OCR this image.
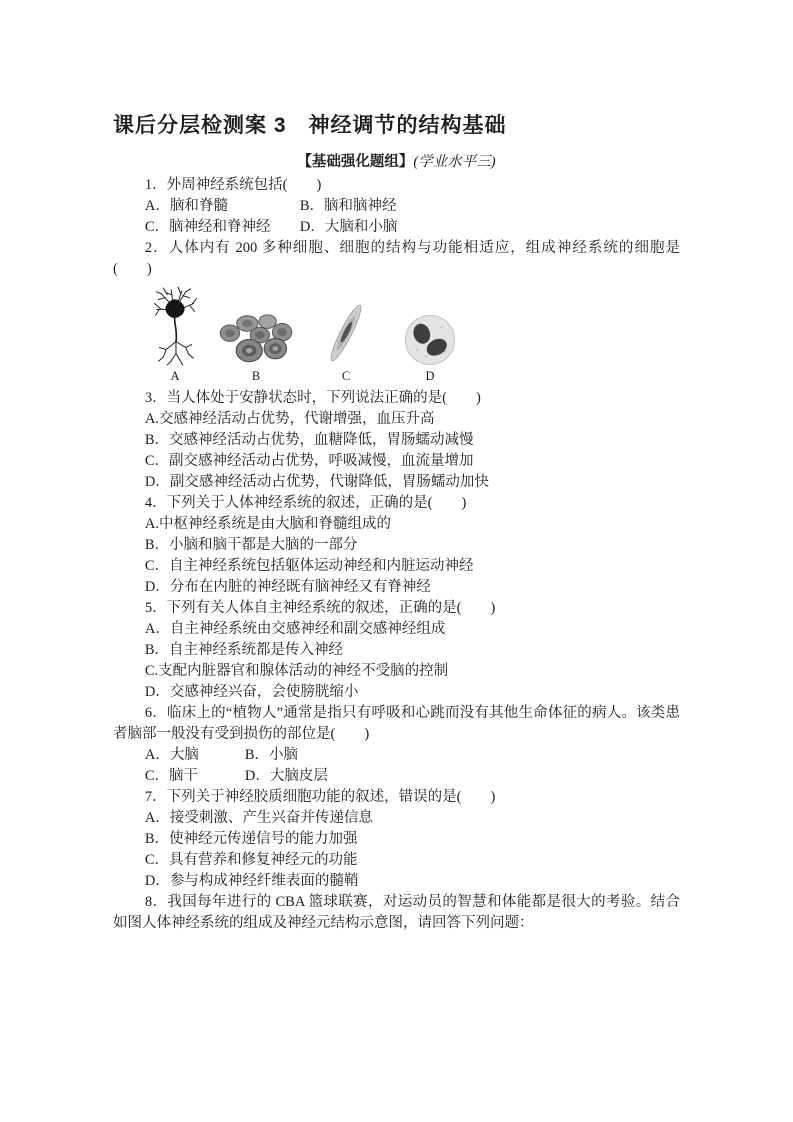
课后分层检测案 3　神经调节的结构基础

【基础强化题组】(学业水平三)

1．外周神经系统包括(　　)

A．脑和脊髓	B．脑和脑神经

C．脑神经和脊神经 D．大脑和小脑

2．人体内有 200 多种细胞、细胞的结构与功能相适应，组成神经系统的细胞是(　　)

A	B	C	D

3．当人体处于安静状态时，下列说法正确的是(　　)

A.交感神经活动占优势，代谢增强，血压升高

B．交感神经活动占优势，血糖降低，胃肠蠕动减慢

C．副交感神经活动占优势，呼吸减慢，血流量增加

D．副交感神经活动占优势，代谢降低，胃肠蠕动加快

4．下列关于人体神经系统的叙述，正确的是(　　)

A.中枢神经系统是由大脑和脊髓组成的

B．小脑和脑干都是大脑的一部分

C．自主神经系统包括躯体运动神经和内脏运动神经

D．分布在内脏的神经既有脑神经又有脊神经

5．下列有关人体自主神经系统的叙述，正确的是(　　)

A．自主神经系统由交感神经和副交感神经组成

B．自主神经系统都是传入神经

C.支配内脏器官和腺体活动的神经不受脑的控制

D．交感神经兴奋，会使膀胱缩小

6．临床上的“植物人”通常是指只有呼吸和心跳而没有其他生命体征的病人。该类患者脑部一般没有受到损伤的部位是(　　)

A．大脑	B．小脑

C．脑干	D．大脑皮层

7．下列关于神经胶质细胞功能的叙述，错误的是(　　)

A．接受刺激、产生兴奋并传递信息

B．使神经元传递信号的能力加强

C．具有营养和修复神经元的功能

D．参与构成神经纤维表面的髓鞘

8．我国每年进行的 CBA 篮球联赛，对运动员的智慧和体能都是很大的考验。结合如图人体神经系统的组成及神经元结构示意图，请回答下列问题：
